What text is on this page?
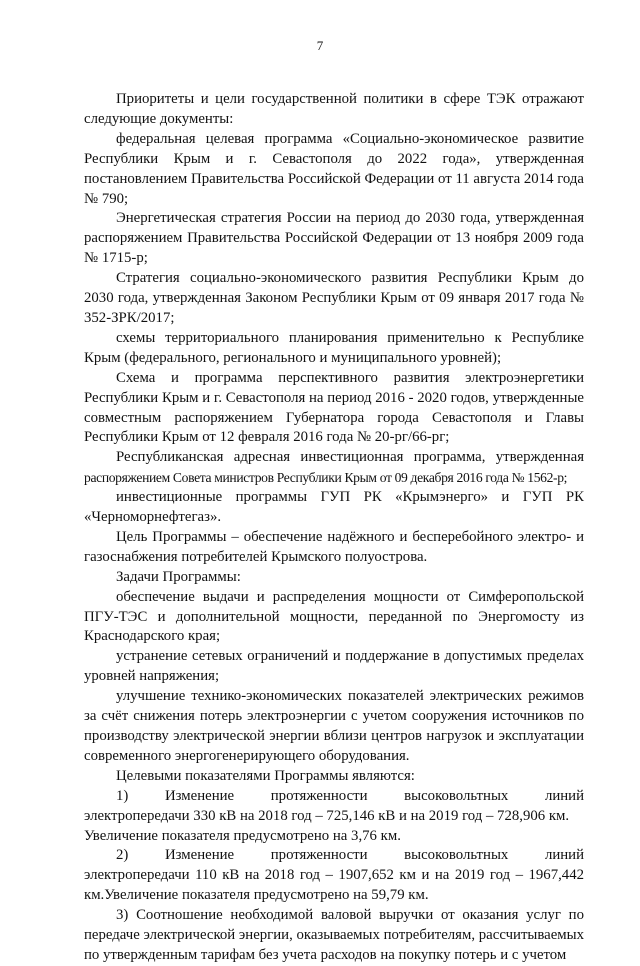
7

Приоритеты и цели государственной политики в сфере ТЭК отражают

следующие документы:

федеральная целевая программа «Социально-экономическое развитие Республики Крым и г. Севастополя до 2022 года», утвержденная постановлением Правительства Российской Федерации от 11 августа 2014 года № 790;

Энергетическая стратегия России на период до 2030 года, утвержденная распоряжением Правительства Российской Федерации от 13 ноября 2009 года № 1715-р;

Стратегия социально-экономического развития Республики Крым до 2030 года, утвержденная Законом Республики Крым от 09 января 2017 года № 352-ЗРК/2017;

схемы территориального планирования применительно к Республике Крым (федерального, регионального и муниципального уровней);

Схема и программа перспективного развития электроэнергетики Республики Крым и г. Севастополя на период 2016 - 2020 годов, утвержденные совместным распоряжением Губернатора города Севастополя и Главы Республики Крым от 12 февраля 2016 года № 20-рг/66-рг;

Республиканская адресная инвестиционная программа, утвержденная

распоряжением Совета министров Республики Крым от 09 декабря 2016 года № 1562-р;

инвестиционные программы ГУП РК «Крымэнерго» и ГУП РК «Черноморнефтегаз».

Цель Программы – обеспечение надёжного и бесперебойного электро- и газоснабжения потребителей Крымского полуострова.

Задачи Программы:

обеспечение выдачи и распределения мощности от Симферопольской ПГУ-ТЭС и дополнительной мощности, переданной по Энергомосту из Краснодарского края;

устранение сетевых ограничений и поддержание в допустимых пределах уровней напряжения;

улучшение технико-экономических показателей электрических режимов за счёт снижения потерь электроэнергии с учетом сооружения источников по производству электрической энергии вблизи центров нагрузок и эксплуатации современного энергогенерирующего оборудования.

Целевыми показателями Программы являются:

1) Изменение протяженности высоковольтных линий

электропередачи 330 кВ на 2018 год – 725,146 кВ и на 2019 год – 728,906 км.

Увеличение показателя предусмотрено на 3,76 км.

2) Изменение протяженности высоковольтных линий

электропередачи 110 кВ на 2018 год – 1907,652 км и на 2019 год – 1967,442 км.Увеличение показателя предусмотрено на 59,79 км.

3) Соотношение необходимой валовой выручки от оказания услуг по передаче электрической энергии, оказываемых потребителям, рассчитываемых по утвержденным тарифам без учета расходов на покупку потерь и с учетом
